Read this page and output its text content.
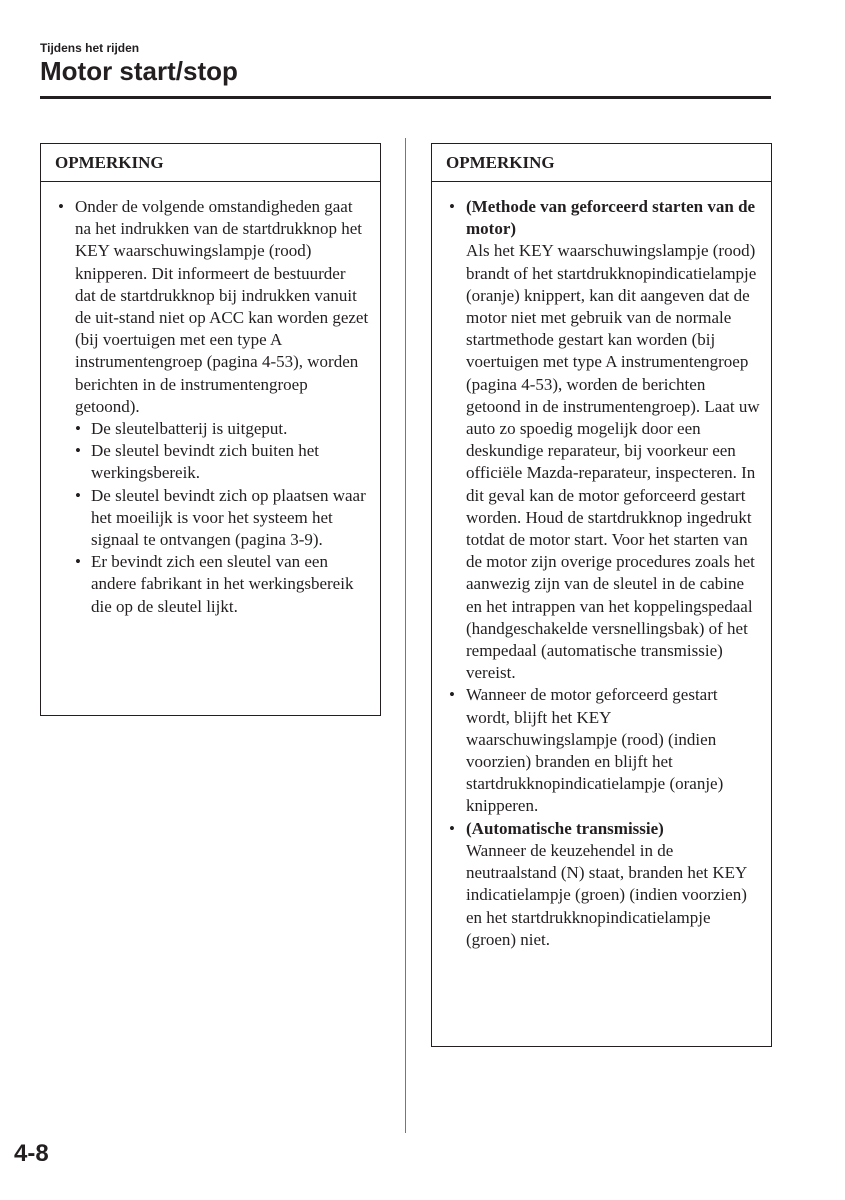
Tijdens het rijden
Motor start/stop
OPMERKING
• Onder de volgende omstandigheden gaat na het indrukken van de startdrukknop het KEY waarschuwingslampje (rood) knipperen. Dit informeert de bestuurder dat de startdrukknop bij indrukken vanuit de uit-stand niet op ACC kan worden gezet (bij voertuigen met een type A instrumentengroep (pagina 4-53), worden berichten in de instrumentengroep getoond).
• De sleutelbatterij is uitgeput.
• De sleutel bevindt zich buiten het werkingsbereik.
• De sleutel bevindt zich op plaatsen waar het moeilijk is voor het systeem het signaal te ontvangen (pagina 3-9).
• Er bevindt zich een sleutel van een andere fabrikant in het werkingsbereik die op de sleutel lijkt.
OPMERKING
• (Methode van geforceerd starten van de motor)
Als het KEY waarschuwingslampje (rood) brandt of het startdrukknopindicatielampje (oranje) knippert, kan dit aangeven dat de motor niet met gebruik van de normale startmethode gestart kan worden (bij voertuigen met type A instrumentengroep (pagina 4-53), worden de berichten getoond in de instrumentengroep). Laat uw auto zo spoedig mogelijk door een deskundige reparateur, bij voorkeur een officiële Mazda-reparateur, inspecteren. In dit geval kan de motor geforceerd gestart worden. Houd de startdrukknop ingedrukt totdat de motor start. Voor het starten van de motor zijn overige procedures zoals het aanwezig zijn van de sleutel in de cabine en het intrappen van het koppelingspedaal (handgeschakelde versnellingsbak) of het rempedaal (automatische transmissie) vereist.
• Wanneer de motor geforceerd gestart wordt, blijft het KEY waarschuwingslampje (rood) (indien voorzien) branden en blijft het startdrukknopindicatielampje (oranje) knipperen.
• (Automatische transmissie)
Wanneer de keuzehendel in de neutraalstand (N) staat, branden het KEY indicatielampje (groen) (indien voorzien) en het startdrukknopindicatielampje (groen) niet.
4-8
